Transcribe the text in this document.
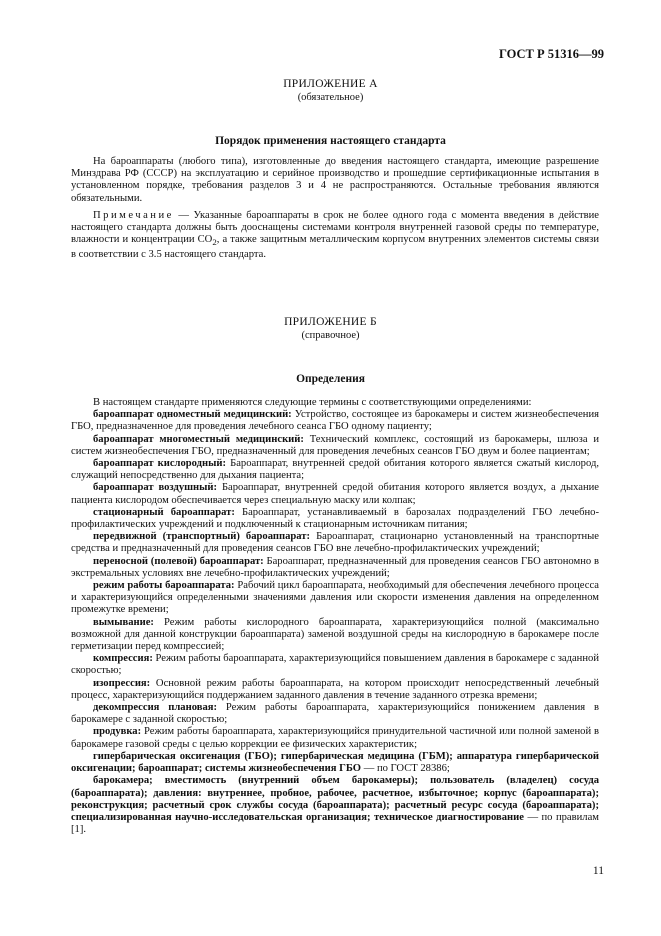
ГОСТ Р 51316—99
ПРИЛОЖЕНИЕ А
(обязательное)
Порядок применения настоящего стандарта

На бароаппараты (любого типа), изготовленные до введения настоящего стандарта, имеющие разрешение Минздрава РФ (СССР) на эксплуатацию и серийное производство и прошедшие сертификационные испытания в установленном порядке, требования разделов 3 и 4 не распространяются. Остальные требования являются обязательными.

Примечание — Указанные бароаппараты в срок не более одного года с момента введения в действие настоящего стандарта должны быть дооснащены системами контроля внутренней газовой среды по температуре, влажности и концентрации $CO_2$, а также защитным металлическим корпусом внутренних элементов системы связи в соответствии с 3.5 настоящего стандарта.

ПРИЛОЖЕНИЕ Б
(справочное)
Определения

В настоящем стандарте применяются следующие термины с соответствующими определениями:

бароаппарат одноместный медицинский: Устройство, состоящее из барокамеры и систем жизнеобеспечения ГБО, предназначенное для проведения лечебного сеанса ГБО одному пациенту;

бароаппарат многоместный медицинский: Технический комплекс, состоящий из барокамеры, шлюза и систем жизнеобеспечения ГБО, предназначенный для проведения лечебных сеансов ГБО двум и более пациентам;

бароаппарат кислородный: Бароаппарат, внутренней средой обитания которого является сжатый кислород, служащий непосредственно для дыхания пациента;

бароаппарат воздушный: Бароаппарат, внутренней средой обитания которого является воздух, а дыхание пациента кислородом обеспечивается через специальную маску или колпак;

стационарный бароаппарат: Бароаппарат, устанавливаемый в барозалах подразделений ГБО лечебно-профилактических учреждений и подключенный к стационарным источникам питания;

передвижной (транспортный) бароаппарат: Бароаппарат, стационарно установленный на транспортные средства и предназначенный для проведения сеансов ГБО вне лечебно-профилактических учреждений;

переносной (полевой) бароаппарат: Бароаппарат, предназначенный для проведения сеансов ГБО автономно в экстремальных условиях вне лечебно-профилактических учреждений;

режим работы бароаппарата: Рабочий цикл бароаппарата, необходимый для обеспечения лечебного процесса и характеризующийся определенными значениями давления или скорости изменения давления на определенном промежутке времени;

вымывание: Режим работы кислородного бароаппарата, характеризующийся полной (максимально возможной для данной конструкции бароаппарата) заменой воздушной среды на кислородную в барокамере после герметизации перед компрессией;

компрессия: Режим работы бароаппарата, характеризующийся повышением давления в барокамере с заданной скоростью;

изопрессия: Основной режим работы бароаппарата, на котором происходит непосредственный лечебный процесс, характеризующийся поддержанием заданного давления в течение заданного отрезка времени;

декомпрессия плановая: Режим работы бароаппарата, характеризующийся понижением давления в барокамере с заданной скоростью;

продувка: Режим работы бароаппарата, характеризующийся принудительной частичной или полной заменой в барокамере газовой среды с целью коррекции ее физических характеристик;

гипербарическая оксигенация (ГБО); гипербарическая медицина (ГБМ); аппаратура гипербарической оксигенации; бароаппарат; системы жизнеобеспечения ГБО — по ГОСТ 28386;

барокамера; вместимость (внутренний объем барокамеры); пользователь (владелец) сосуда (бароаппарата); давления: внутреннее, пробное, рабочее, расчетное, избыточное; корпус (бароаппарата); реконструкция; расчетный срок службы сосуда (бароаппарата); расчетный ресурс сосуда (бароаппарата); специализированная научно-исследовательская организация; техническое диагностирование — по правилам [1].

11
